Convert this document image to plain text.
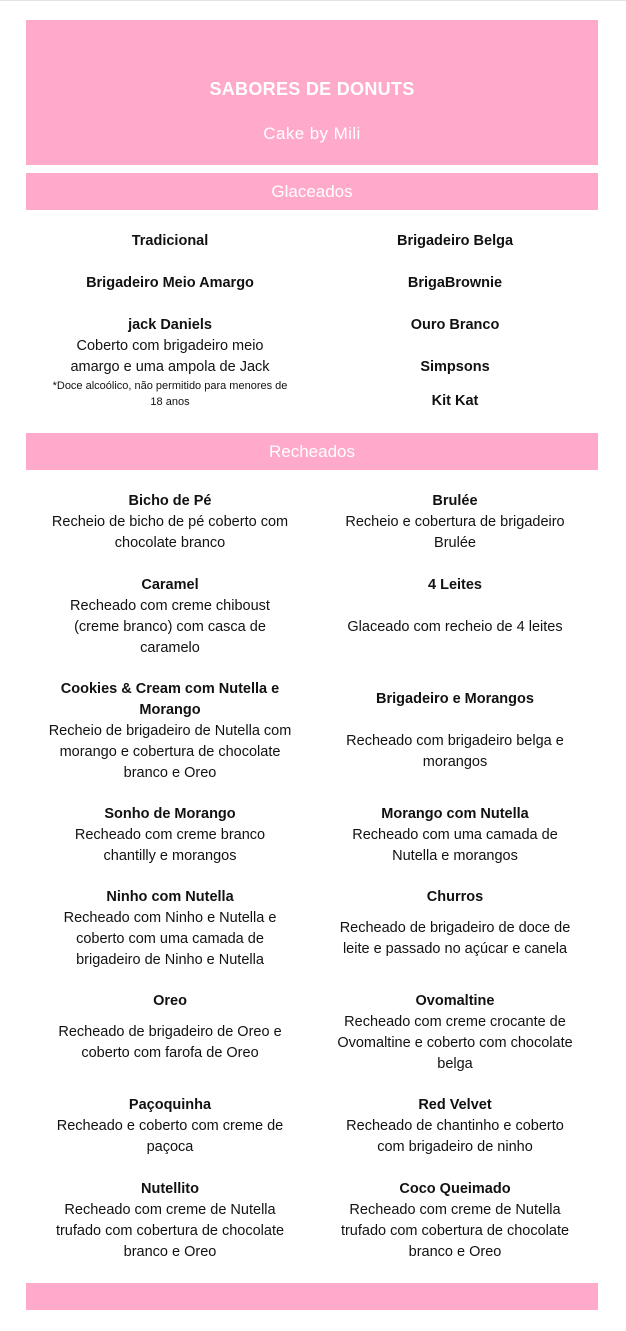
SABORES DE DONUTS
Cake by Mili
Glaceados
Tradicional
Brigadeiro Meio Amargo
jack Daniels
Coberto com brigadeiro meio
amargo e uma ampola de Jack
*Doce alcoólico, não permitido para menores de
18 anos
Brigadeiro Belga
BrigaBrownie
Ouro Branco
Simpsons
Kit Kat
Recheados
Bicho de Pé
Recheio de bicho de pé coberto com
chocolate branco
Caramel
Recheado com creme chiboust
(creme branco) com casca de
caramelo
Cookies & Cream com Nutella e
Morango
Recheio de brigadeiro de Nutella com
morango e cobertura de chocolate
branco e Oreo
Sonho de Morango
Recheado com creme branco
chantilly e morangos
Ninho com Nutella
Recheado com Ninho e Nutella e
coberto com uma camada de
brigadeiro de Ninho e Nutella
Oreo
Recheado de brigadeiro de Oreo e
coberto com farofa de Oreo
Paçoquinha
Recheado e coberto com creme de
paçoca
Nutellito
Recheado com creme de Nutella
trufado com cobertura de chocolate
branco e Oreo
Brulée
Recheio e cobertura de brigadeiro
Brulée
4 Leites
Glaceado com recheio de 4 leites
Brigadeiro e Morangos
Recheado com brigadeiro belga e
morangos
Morango com Nutella
Recheado com uma camada de
Nutella e morangos
Churros
Recheado de brigadeiro de doce de
leite e passado no açúcar e canela
Ovomaltine
Recheado com creme crocante de
Ovomaltine e coberto com chocolate
belga
Red Velvet
Recheado de chantinho e coberto
com brigadeiro de ninho
Coco Queimado
Recheado com creme de Nutella
trufado com cobertura de chocolate
branco e Oreo
